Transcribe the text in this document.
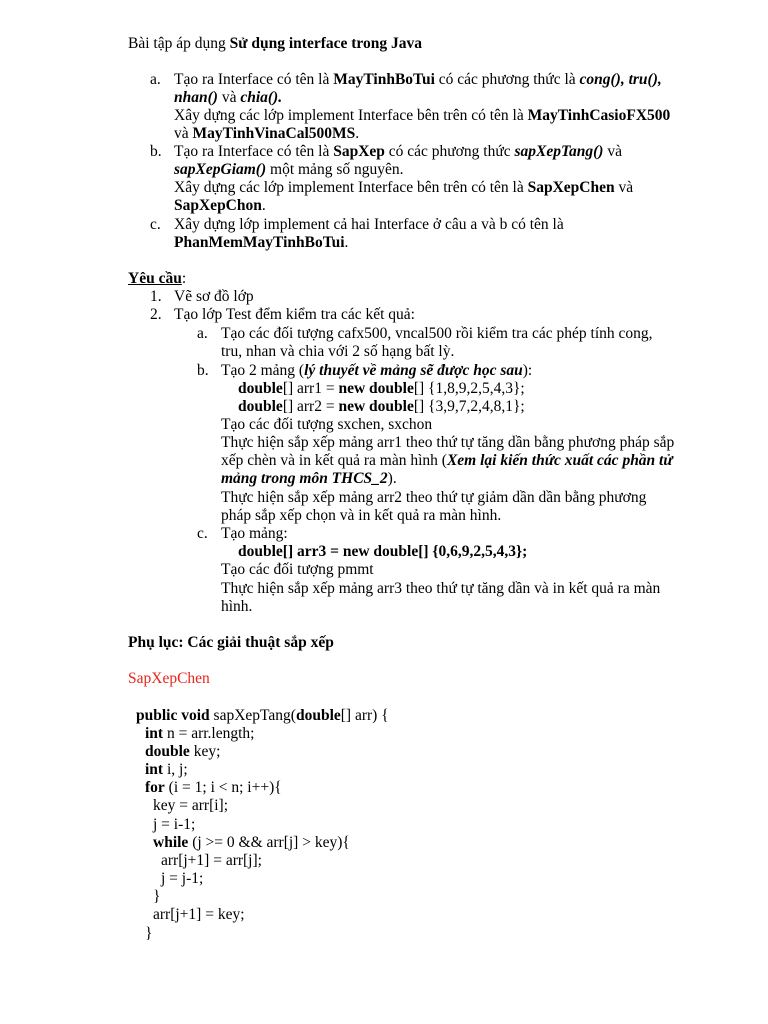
Bài tập áp dụng Sử dụng interface trong Java
a. Tạo ra Interface có tên là MayTinhBoTui có các phương thức là cong(), tru(),
nhan() và chia().
Xây dựng các lớp implement Interface bên trên có tên là MayTinhCasioFX500
và MayTinhVinaCal500MS.
b. Tạo ra Interface có tên là SapXep có các phương thức sapXepTang() và
sapXepGiam() một mảng số nguyên.
Xây dựng các lớp implement Interface bên trên có tên là SapXepChen và
SapXepChon.
c. Xây dựng lớp implement cả hai Interface ở câu a và b có tên là
PhanMemMayTinhBoTui.
Yêu cầu:
1. Vẽ sơ đồ lớp
2. Tạo lớp Test đểm kiểm tra các kết quả:
a. Tạo các đối tượng cafx500, vncal500 rồi kiểm tra các phép tính cong,
tru, nhan và chia với 2 số hạng bất lỳ.
b. Tạo 2 mảng (lý thuyết về mảng sẽ được học sau):
double[] arr1 = new double[] {1,8,9,2,5,4,3};
double[] arr2 = new double[] {3,9,7,2,4,8,1};
Tạo các đối tượng sxchen, sxchon
Thực hiện sắp xếp mảng arr1 theo thứ tự tăng dần bằng phương pháp sắp
xếp chèn và in kết quả ra màn hình (Xem lại kiến thức xuất các phần tử
mảng trong môn THCS_2).
Thực hiện sắp xếp mảng arr2 theo thứ tự giảm dần dần bằng phương
pháp sắp xếp chọn và in kết quả ra màn hình.
c. Tạo mảng:
double[] arr3 = new double[] {0,6,9,2,5,4,3};
Tạo các đối tượng pmmt
Thực hiện sắp xếp mảng arr3 theo thứ tự tăng dần và in kết quả ra màn
hình.
Phụ lục: Các giải thuật sắp xếp
SapXepChen
public void sapXepTang(double[] arr) {
int n = arr.length;
double key;
int i, j;
for (i = 1; i < n; i++){
key = arr[i];
j = i-1;
while (j >= 0 && arr[j] > key){
arr[j+1] = arr[j];
j = j-1;
}
arr[j+1] = key;
}
